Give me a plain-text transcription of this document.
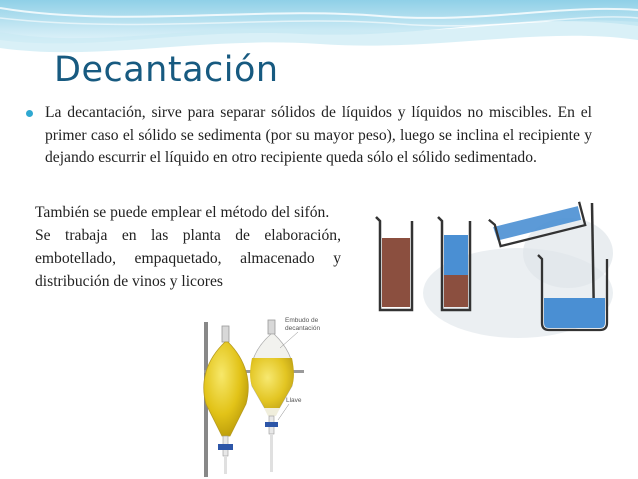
Decantación

La decantación, sirve para separar sólidos de líquidos y líquidos no miscibles. En el primer caso el sólido se sedimenta (por su mayor peso), luego se inclina el recipiente y dejando escurrir el líquido en otro recipiente queda sólo el sólido sedimentado.

También se puede emplear el método del sifón.
Se trabaja en las planta de elaboración, embotellado, empaquetado, almacenado y distribución de vinos y licores
Embudo de
decantación
Llave
